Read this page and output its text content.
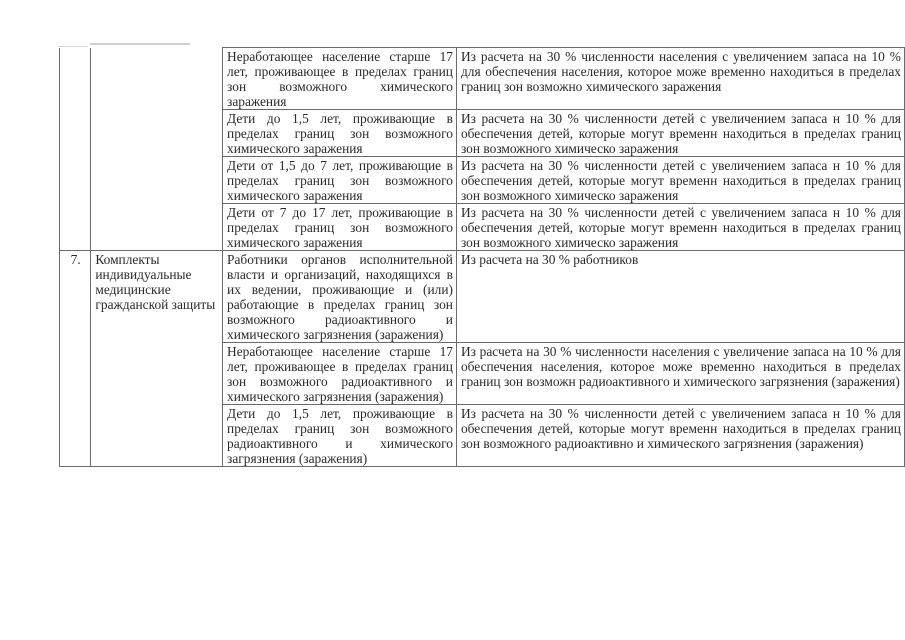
		Неработающее население старше 17 лет, проживающее в пределах границ зон возможного химического заражения	Из расчета на 30 % численности населения с увеличением запаса на 10 % для обеспечения населения, которое може временно находиться в пределах границ зон возможно химического заражения

		Дети до 1,5 лет, проживающие в пределах границ зон возможного химического заражения	Из расчета на 30 % численности детей с увеличением запаса н 10 % для обеспечения детей, которые могут временн находиться в пределах границ зон возможного химическо заражения

		Дети от 1,5 до 7 лет, проживающие в пределах границ зон возможного химического заражения	Из расчета на 30 % численности детей с увеличением запаса н 10 % для обеспечения детей, которые могут временн находиться в пределах границ зон возможного химическо заражения

		Дети от 7 до 17 лет, проживающие в пределах границ зон возможного химического заражения	Из расчета на 30 % численности детей с увеличением запаса н 10 % для обеспечения детей, которые могут временн находиться в пределах границ зон возможного химическо заражения

7.	Комплекты индивидуальные медицинские гражданской защиты	Работники органов исполнительной власти и организаций, находящихся в их ведении, проживающие и (или) работающие в пределах границ зон возможного радиоактивного и химического загрязнения (заражения)	Из расчета на 30 % работников

		Неработающее население старше 17 лет, проживающее в пределах границ зон возможного радиоактивного и химического загрязнения (заражения)	Из расчета на 30 % численности населения с увеличение запаса на 10 % для обеспечения населения, которое може временно находиться в пределах границ зон возможн радиоактивного и химического загрязнения (заражения)

		Дети до 1,5 лет, проживающие в пределах границ зон возможного радиоактивного и химического загрязнения (заражения)	Из расчета на 30 % численности детей с увеличением запаса н 10 % для обеспечения детей, которые могут временн находиться в пределах границ зон возможного радиоактивно и химического загрязнения (заражения)
